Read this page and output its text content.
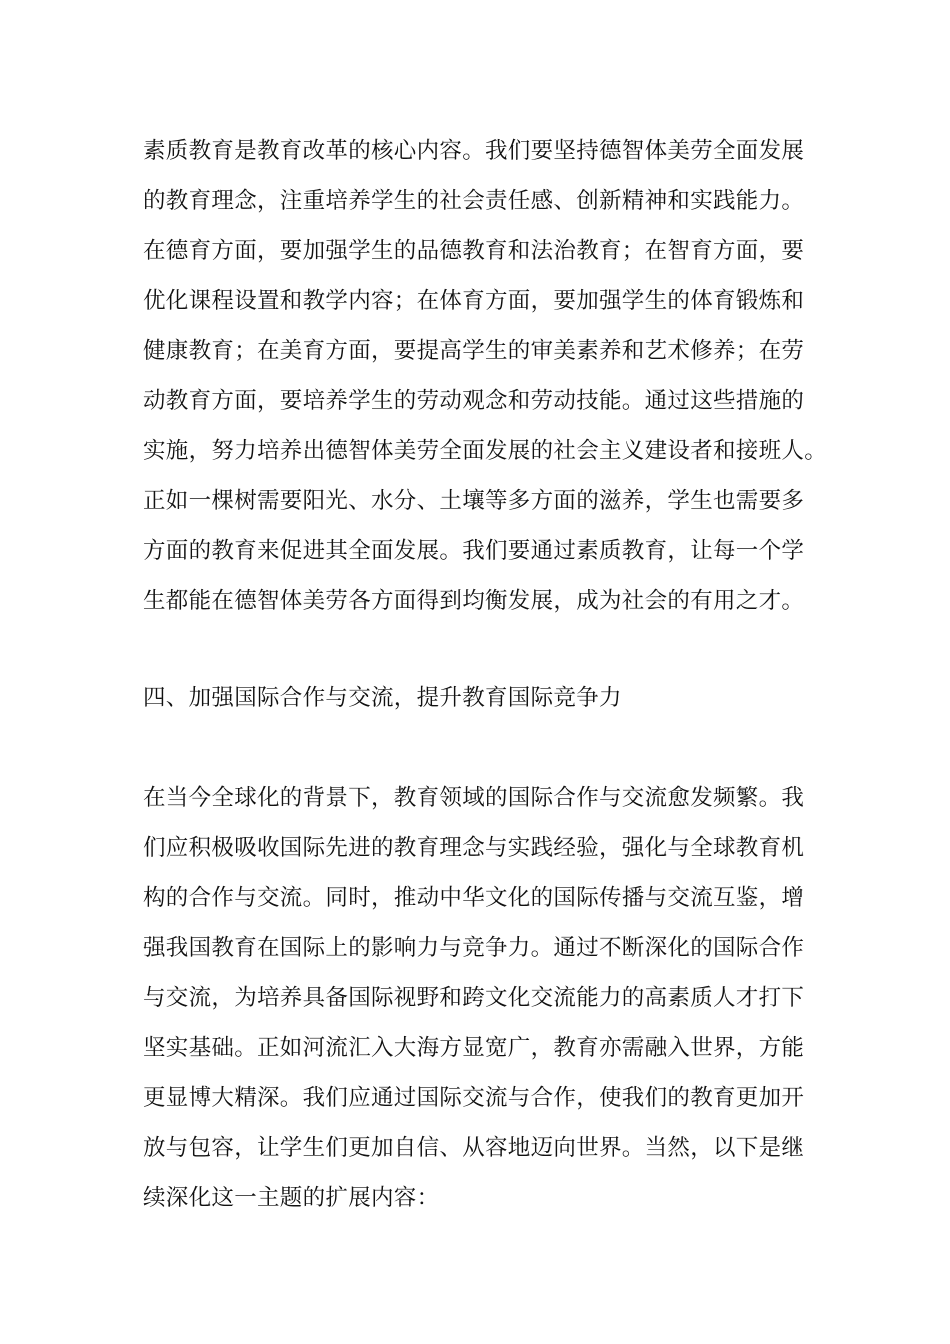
素质教育是教育改革的核心内容。我们要坚持德智体美劳全面发展
的教育理念，注重培养学生的社会责任感、创新精神和实践能力。
在德育方面，要加强学生的品德教育和法治教育；在智育方面，要
优化课程设置和教学内容；在体育方面，要加强学生的体育锻炼和
健康教育；在美育方面，要提高学生的审美素养和艺术修养；在劳
动教育方面，要培养学生的劳动观念和劳动技能。通过这些措施的
实施，努力培养出德智体美劳全面发展的社会主义建设者和接班人。
正如一棵树需要阳光、水分、土壤等多方面的滋养，学生也需要多
方面的教育来促进其全面发展。我们要通过素质教育，让每一个学
生都能在德智体美劳各方面得到均衡发展，成为社会的有用之才。
四、加强国际合作与交流，提升教育国际竞争力
在当今全球化的背景下，教育领域的国际合作与交流愈发频繁。我
们应积极吸收国际先进的教育理念与实践经验，强化与全球教育机
构的合作与交流。同时，推动中华文化的国际传播与交流互鉴，增
强我国教育在国际上的影响力与竞争力。通过不断深化的国际合作
与交流，为培养具备国际视野和跨文化交流能力的高素质人才打下
坚实基础。正如河流汇入大海方显宽广，教育亦需融入世界，方能
更显博大精深。我们应通过国际交流与合作，使我们的教育更加开
放与包容，让学生们更加自信、从容地迈向世界。当然，以下是继
续深化这一主题的扩展内容：
